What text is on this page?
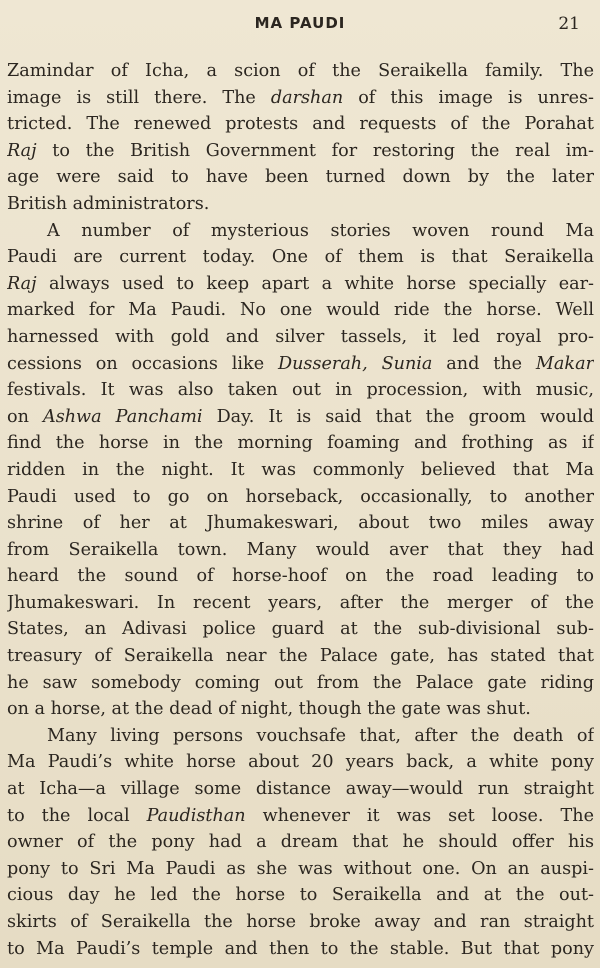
MA PAUDI	21
Zamindar of Icha, a scion of the Seraikella family. The
image is still there. The darshan of this image is unres-
tricted. The renewed protests and requests of the Porahat
Raj to the British Government for restoring the real im-
age were said to have been turned down by the later
British administrators.
A number of mysterious stories woven round Ma
Paudi are current today. One of them is that Seraikella
Raj always used to keep apart a white horse specially ear-
marked for Ma Paudi. No one would ride the horse. Well
harnessed with gold and silver tassels, it led royal pro-
cessions on occasions like Dusserah, Sunia and the Makar
festivals. It was also taken out in procession, with music,
on Ashwa Panchami Day. It is said that the groom would
find the horse in the morning foaming and frothing as if
ridden in the night. It was commonly believed that Ma
Paudi used to go on horseback, occasionally, to another
shrine of her at Jhumakeswari, about two miles away
from Seraikella town. Many would aver that they had
heard the sound of horse-hoof on the road leading to
Jhumakeswari. In recent years, after the merger of the
States, an Adivasi police guard at the sub-divisional sub-
treasury of Seraikella near the Palace gate, has stated that
he saw somebody coming out from the Palace gate riding
on a horse, at the dead of night, though the gate was shut.
Many living persons vouchsafe that, after the death of
Ma Paudi’s white horse about 20 years back, a white pony
at Icha—a village some distance away—would run straight
to the local Paudisthan whenever it was set loose. The
owner of the pony had a dream that he should offer his
pony to Sri Ma Paudi as she was without one. On an auspi-
cious day he led the horse to Seraikella and at the out-
skirts of Seraikella the horse broke away and ran straight
to Ma Paudi’s temple and then to the stable. But that pony
